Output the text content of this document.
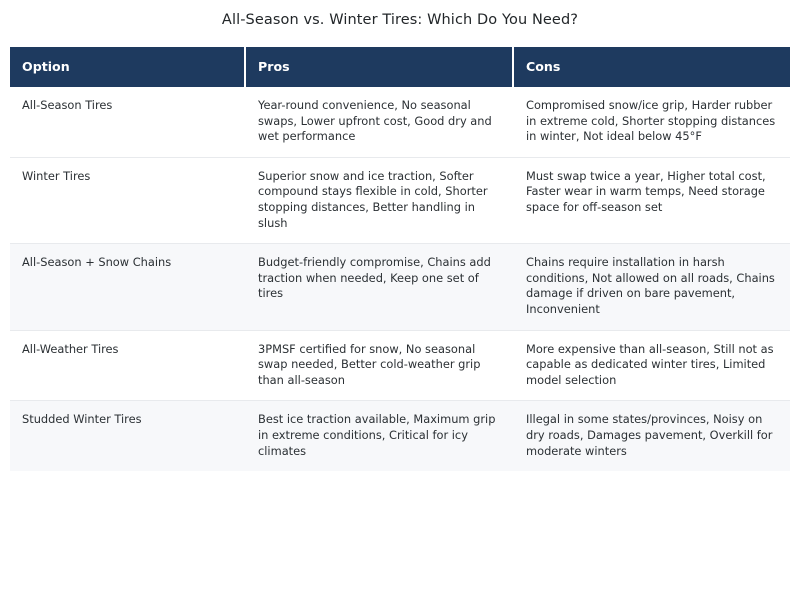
All-Season vs. Winter Tires: Which Do You Need?
Option	Pros	Cons
All-Season Tires	Year-round convenience, No seasonal swaps, Lower upfront cost, Good dry and wet performance	Compromised snow/ice grip, Harder rubber in extreme cold, Shorter stopping distances in winter, Not ideal below 45°F
Winter Tires	Superior snow and ice traction, Softer compound stays flexible in cold, Shorter stopping distances, Better handling in slush	Must swap twice a year, Higher total cost, Faster wear in warm temps, Need storage space for off-season set
All-Season + Snow Chains	Budget-friendly compromise, Chains add traction when needed, Keep one set of tires	Chains require installation in harsh conditions, Not allowed on all roads, Chains damage if driven on bare pavement, Inconvenient
All-Weather Tires	3PMSF certified for snow, No seasonal swap needed, Better cold-weather grip than all-season	More expensive than all-season, Still not as capable as dedicated winter tires, Limited model selection
Studded Winter Tires	Best ice traction available, Maximum grip in extreme conditions, Critical for icy climates	Illegal in some states/provinces, Noisy on dry roads, Damages pavement, Overkill for moderate winters
